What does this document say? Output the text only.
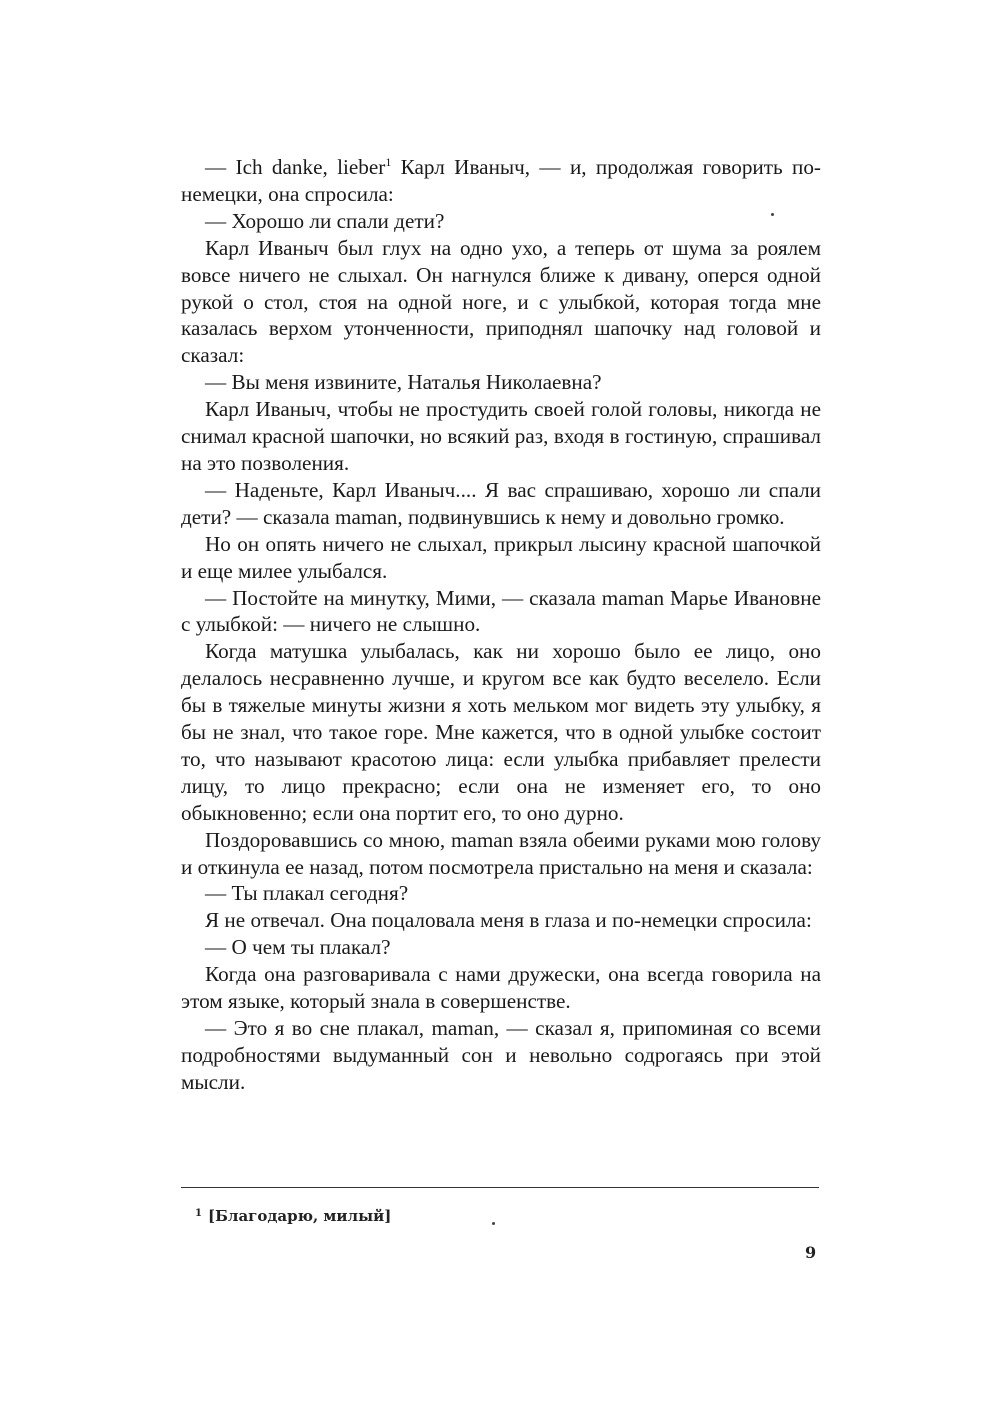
— Ich danke, lieber$^1$ Карл Иваныч, — и, продолжая говорить по-немецки, она спросила:

— Хорошо ли спали дети?

Карл Иваныч был глух на одно ухо, а теперь от шума за роялем вовсе ничего не слыхал. Он нагнулся ближе к дивану, оперся одной рукой о стол, стоя на одной ноге, и с улыбкой, которая тогда мне казалась верхом утонченности, приподнял шапочку над головой и сказал:

— Вы меня извините, Наталья Николаевна?

Карл Иваныч, чтобы не простудить своей голой головы, никогда не снимал красной шапочки, но всякий раз, входя в гостиную, спрашивал на это позволения.

— Наденьте, Карл Иваныч.... Я вас спрашиваю, хорошо ли спали дети? — сказала maman, подвинувшись к нему и довольно громко.

Но он опять ничего не слыхал, прикрыл лысину красной шапочкой и еще милее улыбался.

— Постойте на минутку, Мими, — сказала maman Марье Ивановне с улыбкой: — ничего не слышно.

Когда матушка улыбалась, как ни хорошо было ее лицо, оно делалось несравненно лучше, и кругом все как будто веселело. Если бы в тяжелые минуты жизни я хоть мельком мог видеть эту улыбку, я бы не знал, что такое горе. Мне кажется, что в одной улыбке состоит то, что называют красотою лица: если улыбка прибавляет прелести лицу, то лицо прекрасно; если она не изменяет его, то оно обыкновенно; если она портит его, то оно дурно.

Поздоровавшись со мною, maman взяла обеими руками мою голову и откинула ее назад, потом посмотрела пристально на меня и сказала:

— Ты плакал сегодня?

Я не отвечал. Она поцаловала меня в глаза и по-немецки спросила:

— О чем ты плакал?

Когда она разговаривала с нами дружески, она всегда говорила на этом языке, который знала в совершенстве.

— Это я во сне плакал, maman, — сказал я, припоминая со всеми подробностями выдуманный сон и невольно содрогаясь при этой мысли.

$^1$ [Благодарю, милый]
9
